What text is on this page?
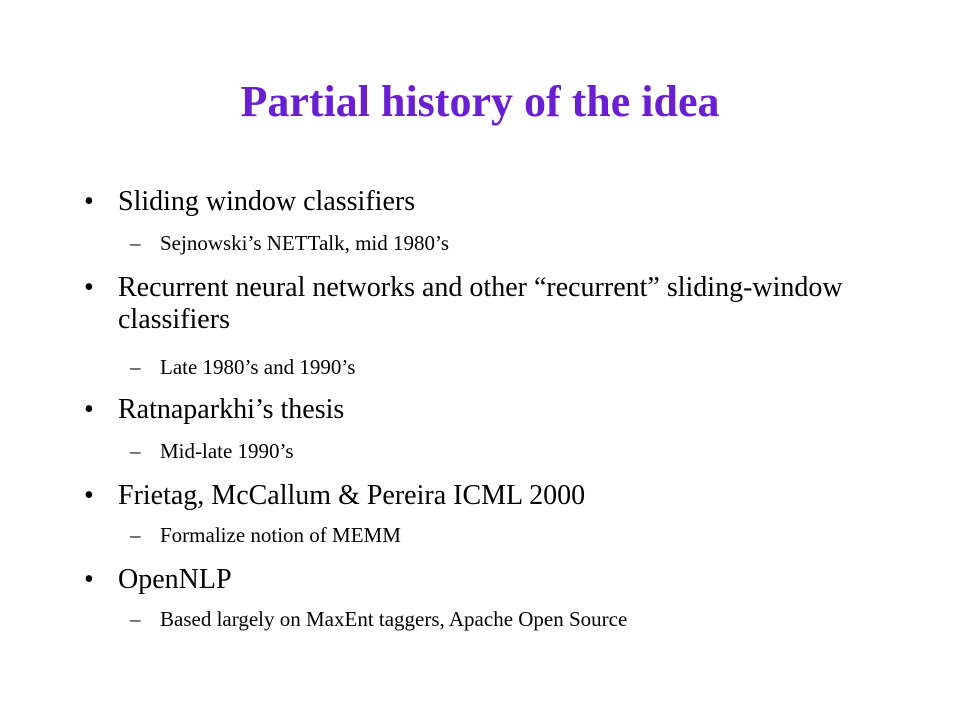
Partial history of the idea
• Sliding window classifiers
– Sejnowski’s NETTalk, mid 1980’s
• Recurrent neural networks and other “recurrent” sliding-window classifiers
– Late 1980’s and 1990’s
• Ratnaparkhi’s thesis
– Mid-late 1990’s
• Frietag, McCallum & Pereira ICML 2000
– Formalize notion of MEMM
• OpenNLP
– Based largely on MaxEnt taggers, Apache Open Source
